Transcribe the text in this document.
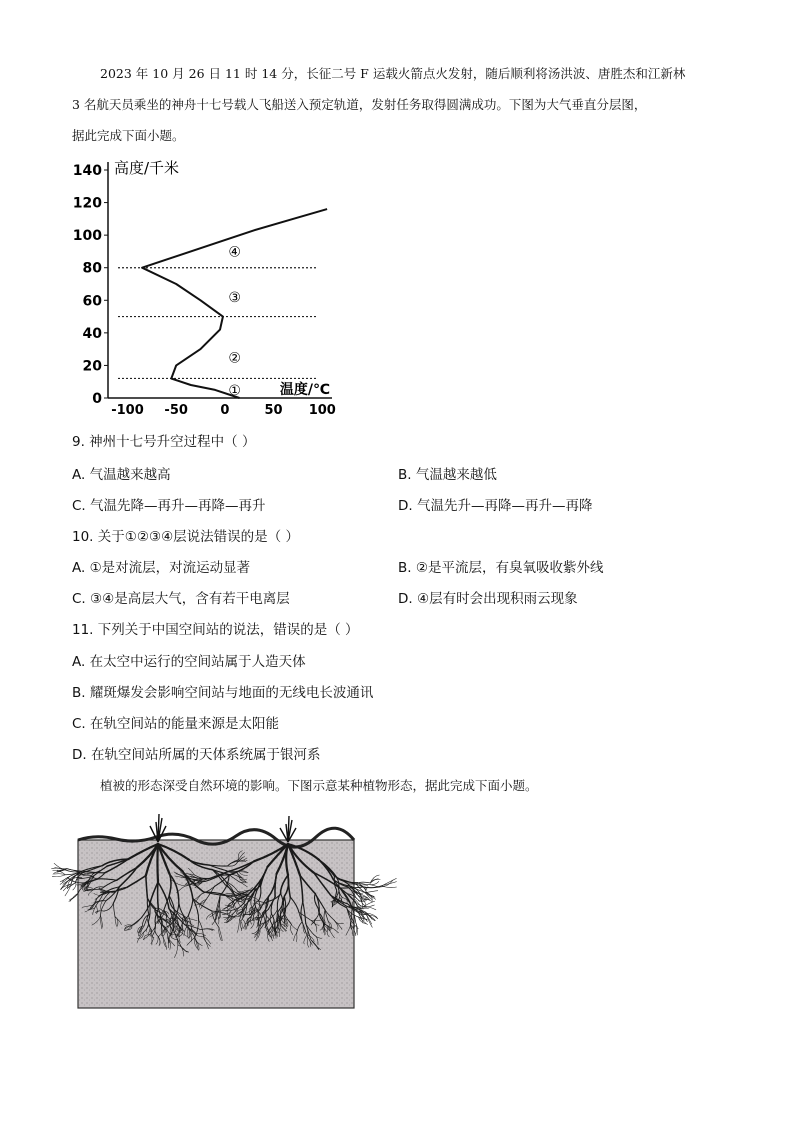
2023 年 10 月 26 日 11 时 14 分，长征二号 F 运载火箭点火发射，随后顺利将汤洪波、唐胜杰和江新林

3 名航天员乘坐的神舟十七号载人飞船送入预定轨道，发射任务取得圆满成功。下图为大气垂直分层图，

据此完成下面小题。

140
120
100
80
60
40
20
0
-100 -50 0	50 100
高度/千米
温度/℃
①
②
③
④
9. 神州十七号升空过程中（ ）
A. 气温越来越高	B. 气温越来越低
C. 气温先降—再升—再降—再升	D. 气温先升—再降—再升—再降
10. 关于①②③④层说法错误的是（ ）
A. ①是对流层，对流运动显著	B. ②是平流层，有臭氧吸收紫外线
C. ③④是高层大气，含有若干电离层	D. ④层有时会出现积雨云现象
11. 下列关于中国空间站的说法，错误的是（ ）
A. 在太空中运行的空间站属于人造天体
B. 耀斑爆发会影响空间站与地面的无线电长波通讯
C. 在轨空间站的能量来源是太阳能
D. 在轨空间站所属的天体系统属于银河系
植被的形态深受自然环境的影响。下图示意某种植物形态，据此完成下面小题。
